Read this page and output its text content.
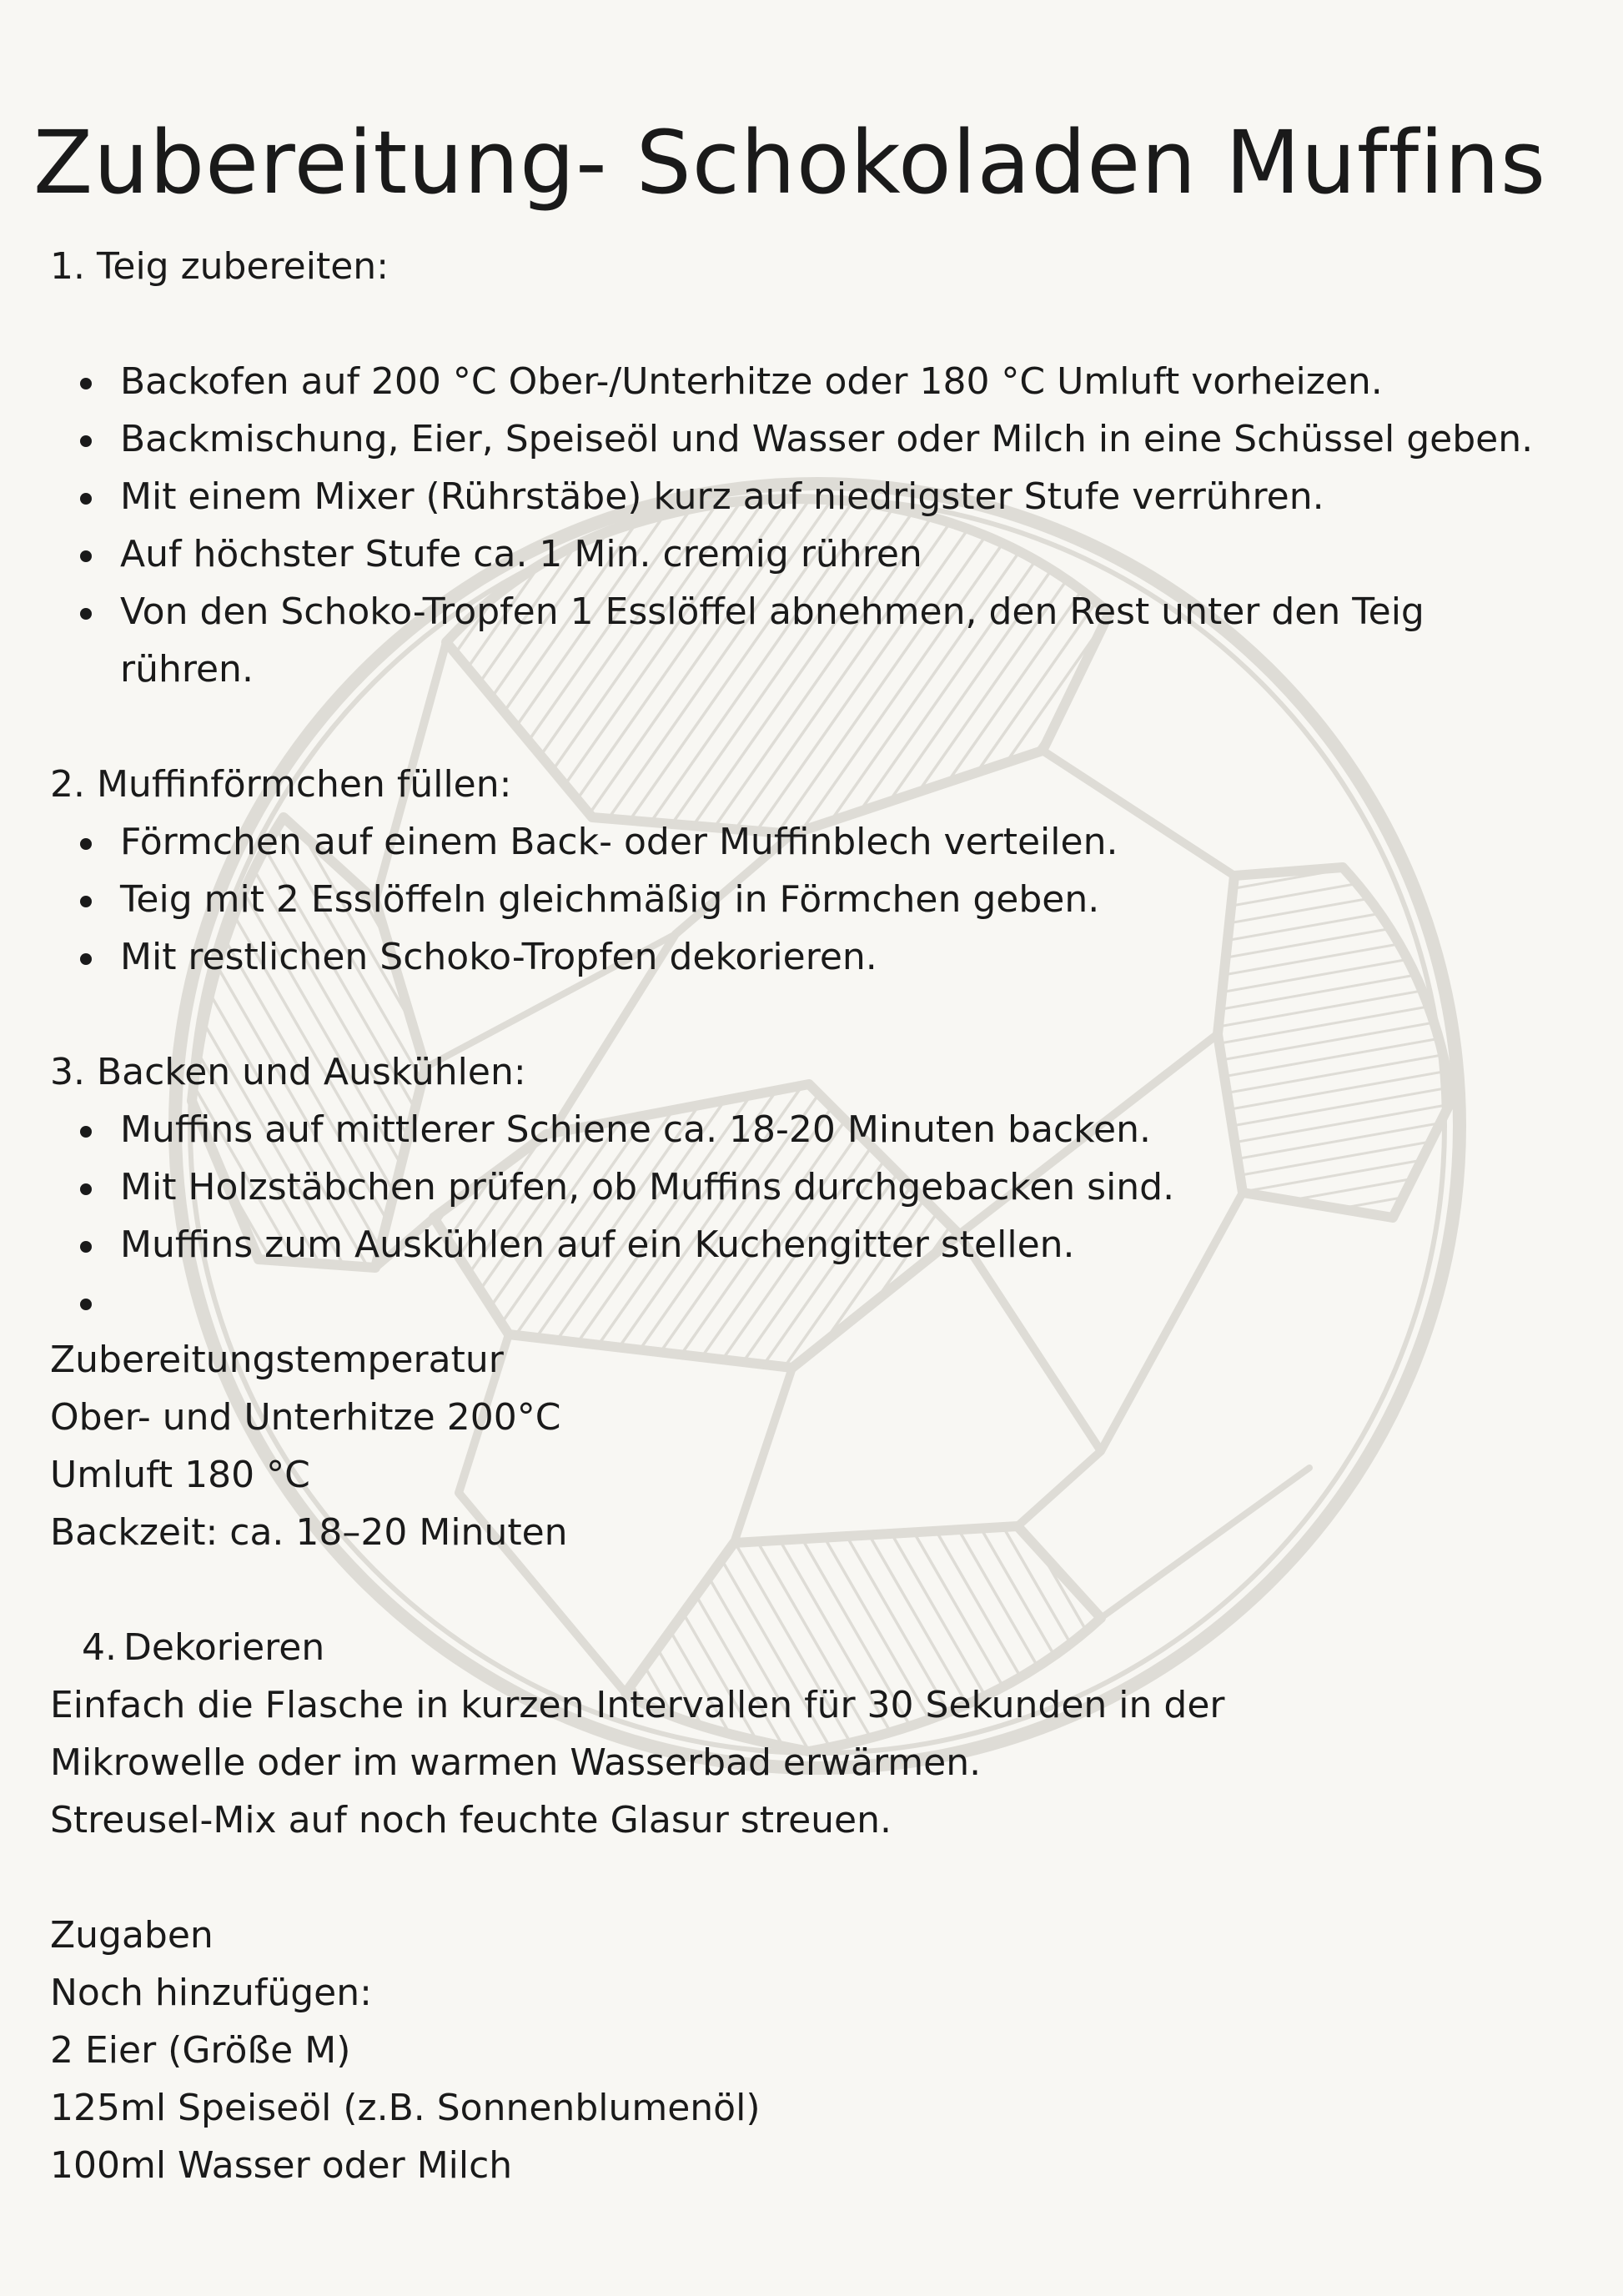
Zubereitung- Schokoladen Muffins
1. Teig zubereiten:
Backofen auf 200 °C Ober-/Unterhitze oder 180 °C Umluft vorheizen.
Backmischung, Eier, Speiseöl und Wasser oder Milch in eine Schüssel geben.
Mit einem Mixer (Rührstäbe) kurz auf niedrigster Stufe verrühren.
Auf höchster Stufe ca. 1 Min. cremig rühren
Von den Schoko-Tropfen 1 Esslöffel abnehmen, den Rest unter den Teig rühren.
2. Muffinförmchen füllen:
Förmchen auf einem Back- oder Muffinblech verteilen.
Teig mit 2 Esslöffeln gleichmäßig in Förmchen geben.
Mit restlichen Schoko-Tropfen dekorieren.
3. Backen und Auskühlen:
Muffins auf mittlerer Schiene ca. 18-20 Minuten backen.
Mit Holzstäbchen prüfen, ob Muffins durchgebacken sind.
Muffins zum Auskühlen auf ein Kuchengitter stellen.
Zubereitungstemperatur
Ober- und Unterhitze 200°C
Umluft 180 °C
Backzeit: ca. 18–20 Minuten
4. Dekorieren
Einfach die Flasche in kurzen Intervallen für 30 Sekunden in der
Mikrowelle oder im warmen Wasserbad erwärmen.
Streusel-Mix auf noch feuchte Glasur streuen.
Zugaben
Noch hinzufügen:
2 Eier (Größe M)
125ml Speiseöl (z.B. Sonnenblumenöl)
100ml Wasser oder Milch
